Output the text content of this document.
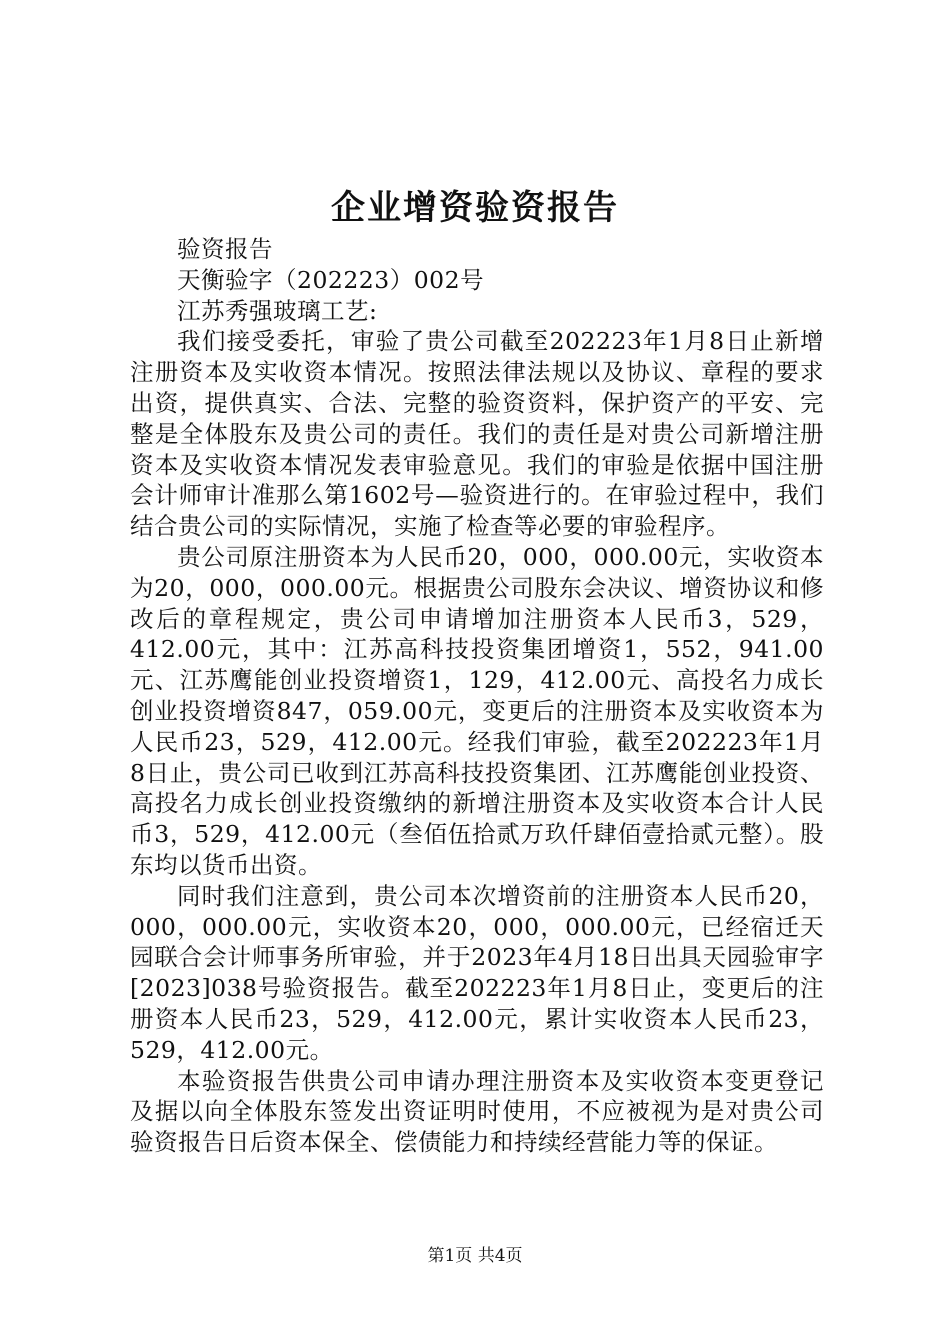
企业增资验资报告

验资报告

天衡验字（202223）002号

江苏秀强玻璃工艺:

我们接受委托，审验了贵公司截至202223年1月8日止新增注册资本及实收资本情况。按照法律法规以及协议、章程的要求出资，提供真实、合法、完整的验资资料，保护资产的平安、完整是全体股东及贵公司的责任。我们的责任是对贵公司新增注册资本及实收资本情况发表审验意见。我们的审验是依据中国注册会计师审计准那么第1602号—验资进行的。在审验过程中，我们结合贵公司的实际情况，实施了检查等必要的审验程序。

贵公司原注册资本为人民币20，000，000.00元，实收资本为20，000，000.00元。根据贵公司股东会决议、增资协议和修改后的章程规定，贵公司申请增加注册资本人民币3，529，412.00元，其中：江苏高科技投资集团增资1，552，941.00元、江苏鹰能创业投资增资1，129，412.00元、高投名力成长创业投资增资847，059.00元，变更后的注册资本及实收资本为人民币23，529，412.00元。经我们审验，截至202223年1月8日止，贵公司已收到江苏高科技投资集团、江苏鹰能创业投资、高投名力成长创业投资缴纳的新增注册资本及实收资本合计人民币3，529，412.00元（叁佰伍拾贰万玖仟肆佰壹拾贰元整）。股东均以货币出资。

同时我们注意到，贵公司本次增资前的注册资本人民币20，000，000.00元，实收资本20，000，000.00元，已经宿迁天园联合会计师事务所审验，并于2023年4月18日出具天园验审字[2023]038号验资报告。截至202223年1月8日止，变更后的注册资本人民币23，529，412.00元，累计实收资本人民币23，529，412.00元。

本验资报告供贵公司申请办理注册资本及实收资本变更登记及据以向全体股东签发出资证明时使用，不应被视为是对贵公司验资报告日后资本保全、偿债能力和持续经营能力等的保证。

第1页 共4页
